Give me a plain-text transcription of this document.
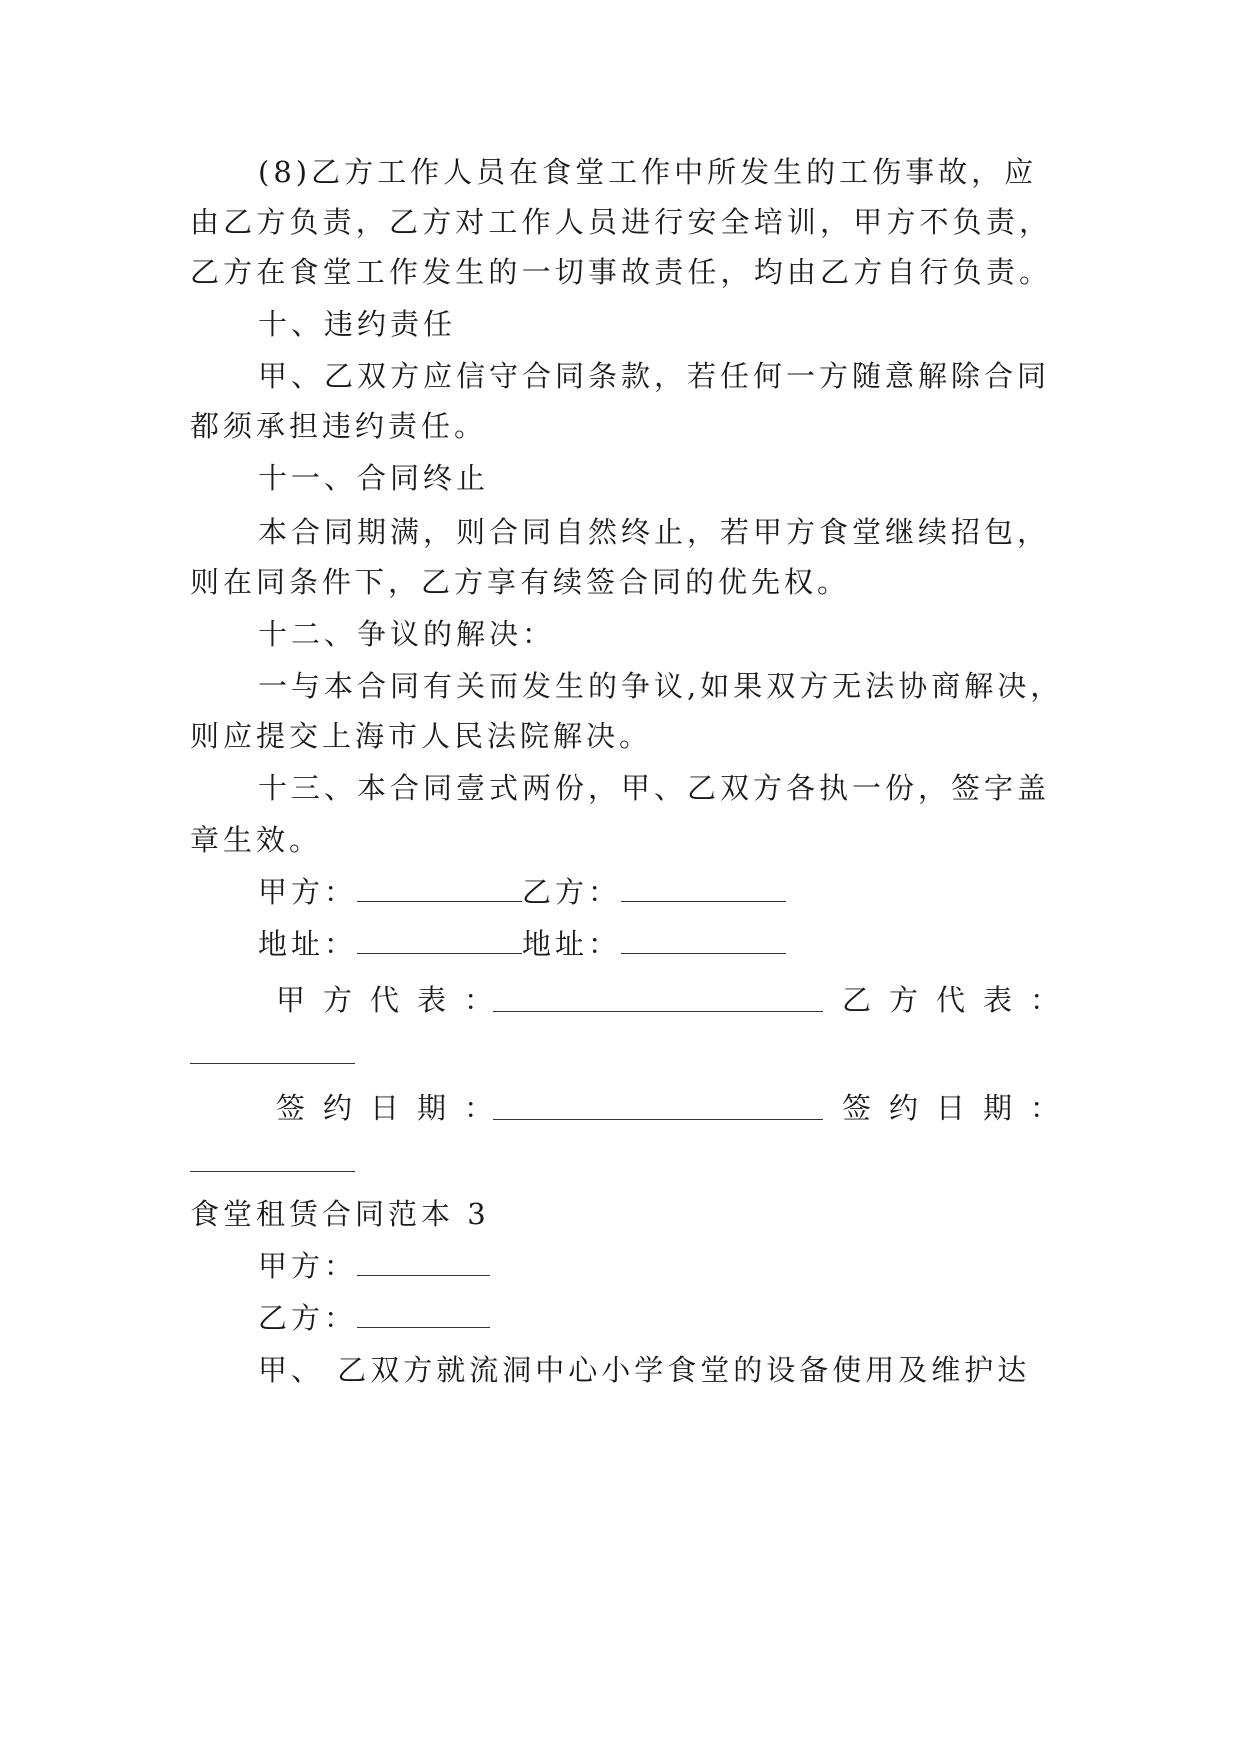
(8)乙方工作人员在食堂工作中所发生的工伤事故，应
由乙方负责，乙方对工作人员进行安全培训，甲方不负责，
乙方在食堂工作发生的一切事故责任，均由乙方自行负责。
十、违约责任
甲、乙双方应信守合同条款，若任何一方随意解除合同
都须承担违约责任。
十一、合同终止
本合同期满，则合同自然终止，若甲方食堂继续招包，
则在同条件下，乙方享有续签合同的优先权。
十二、争议的解决：
一与本合同有关而发生的争议,如果双方无法协商解决，
则应提交上海市人民法院解决。
十三、本合同壹式两份，甲、乙双方各执一份，签字盖
章生效。
甲方：	乙方：
地址：	地址：
甲方代表：	乙方代表：
签约日期：	签约日期：
食堂租赁合同范本 3
甲方：
乙方：
甲、 乙双方就流洞中心小学食堂的设备使用及维护达
